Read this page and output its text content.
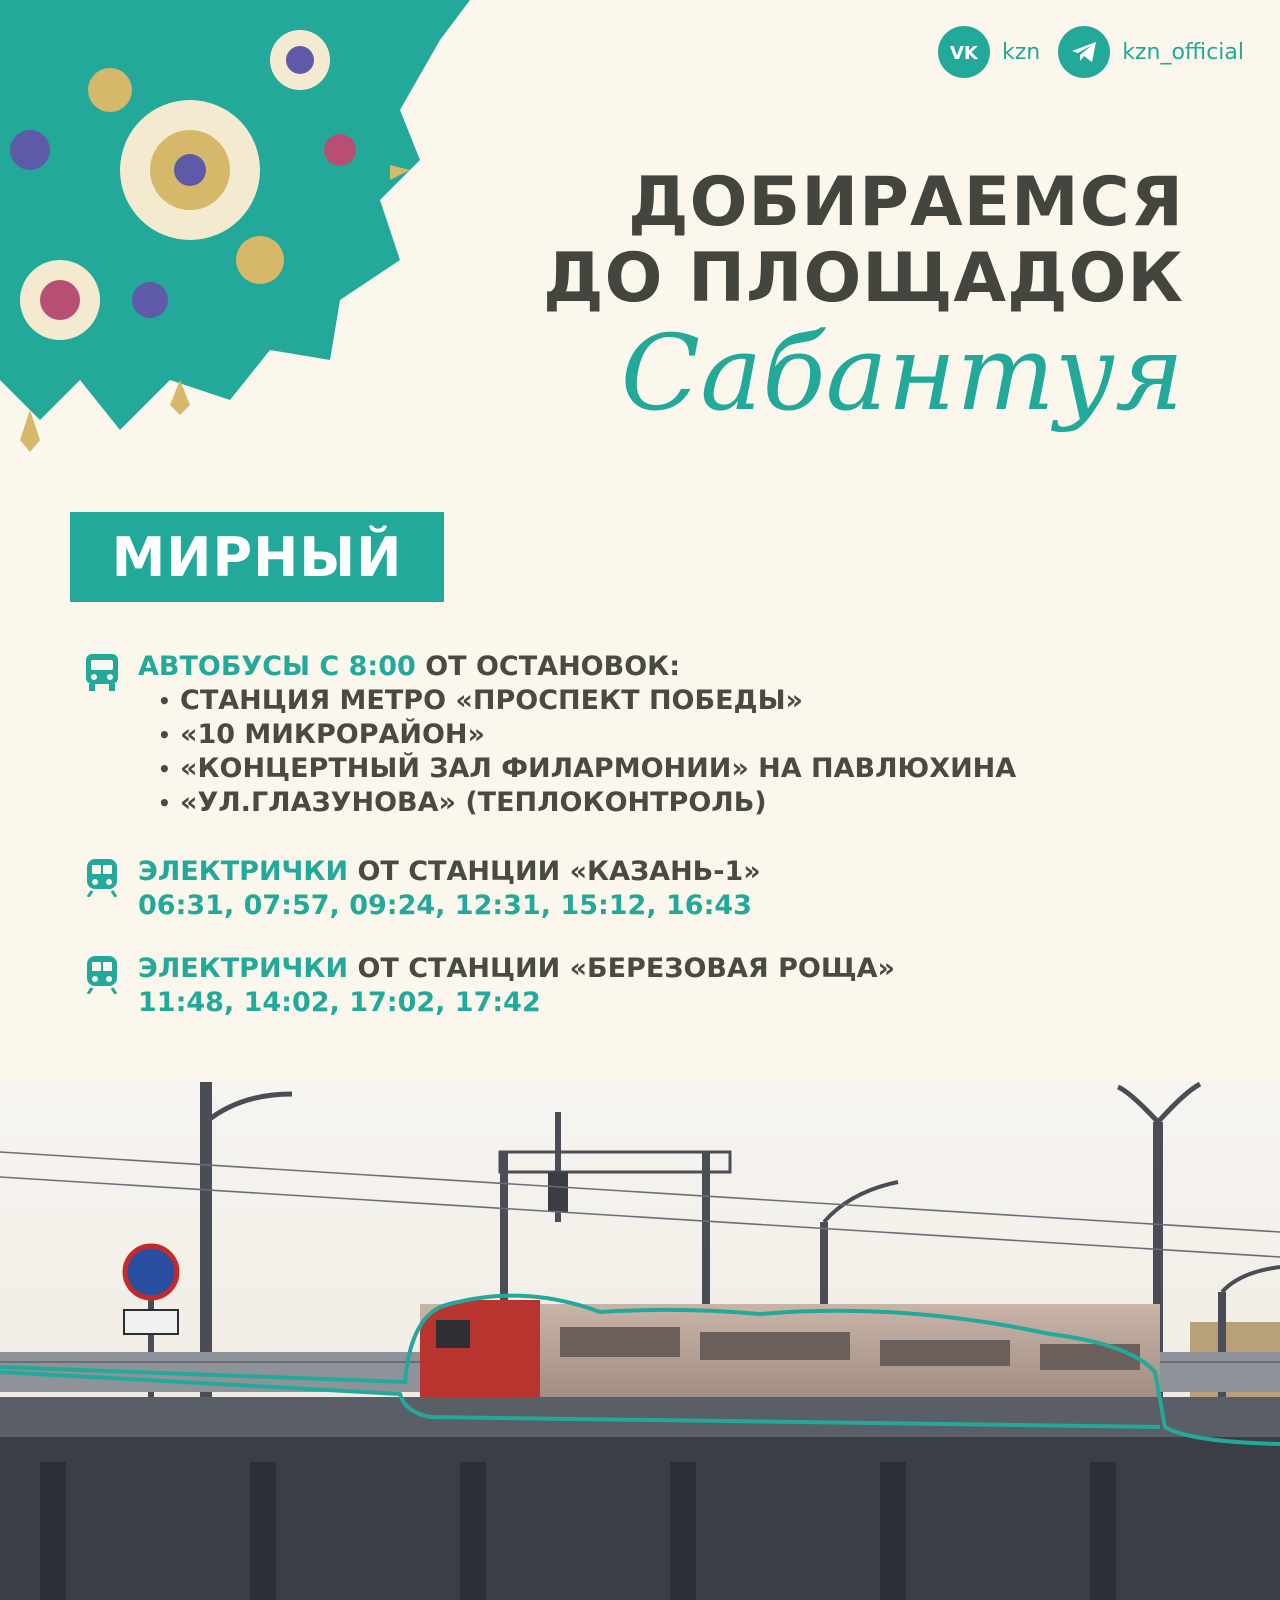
VK kzn	kzn_official
ДОБИРАЕМСЯ
ДО ПЛОЩАДОК
Сабантуя
МИРНЫЙ
АВТОБУСЫ С 8:00 ОТ ОСТАНОВОК:
• СТАНЦИЯ МЕТРО «ПРОСПЕКТ ПОБЕДЫ»
• «10 МИКРОРАЙОН»
• «КОНЦЕРТНЫЙ ЗАЛ ФИЛАРМОНИИ» НА ПАВЛЮХИНА
• «УЛ.ГЛАЗУНОВА» (ТЕПЛОКОНТРОЛЬ)
ЭЛЕКТРИЧКИ ОТ СТАНЦИИ «КАЗАНЬ-1»
06:31, 07:57, 09:24, 12:31, 15:12, 16:43
ЭЛЕКТРИЧКИ ОТ СТАНЦИИ «БЕРЕЗОВАЯ РОЩА»
11:48, 14:02, 17:02, 17:42
